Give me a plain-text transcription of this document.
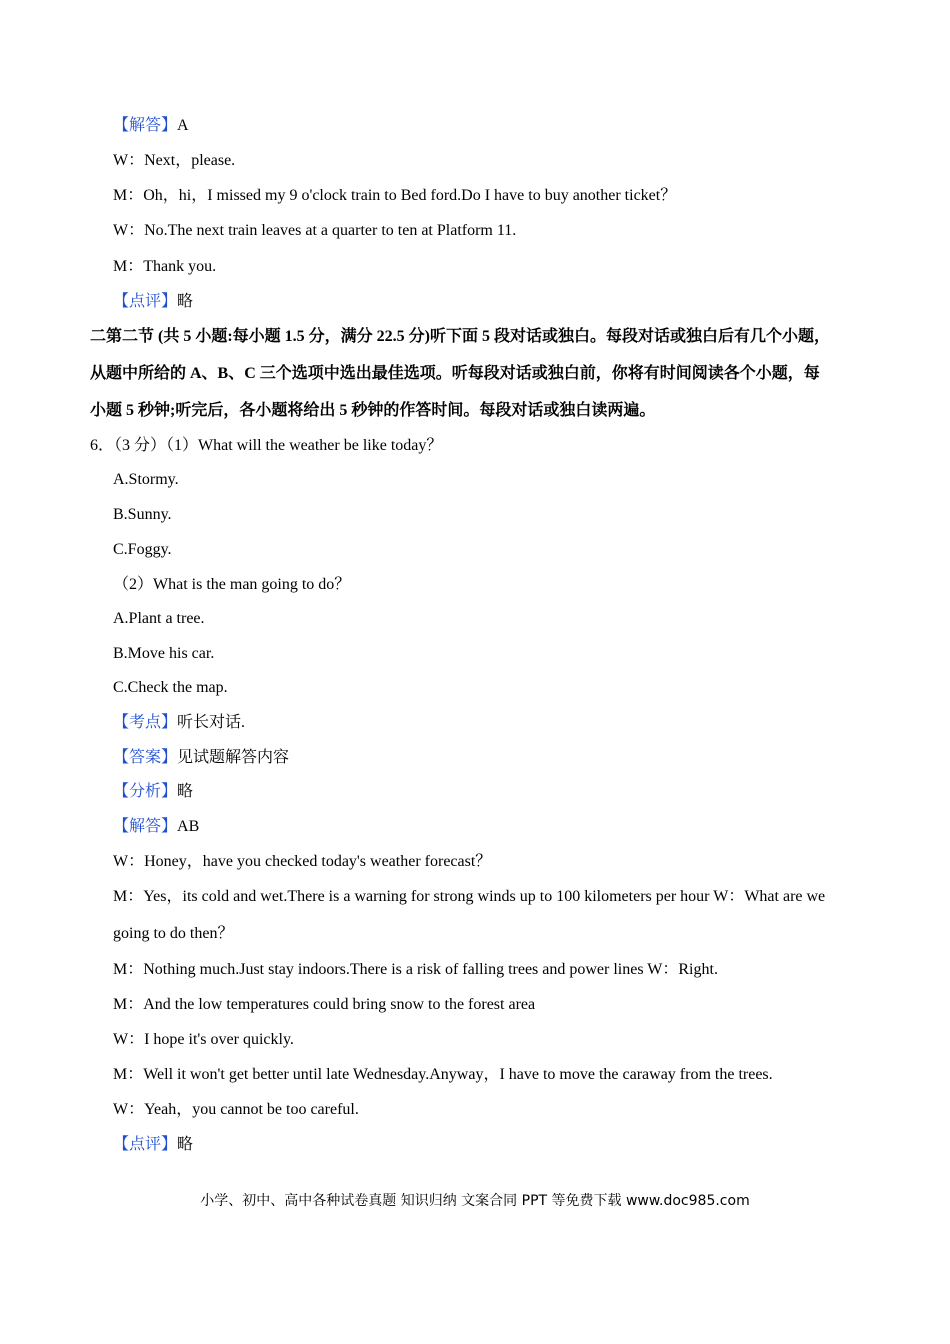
【解答】A
W：Next，please.
M：Oh，hi，I missed my 9 o'clock train to Bed ford.Do I have to buy another ticket？
W：No.The next train leaves at a quarter to ten at Platform 11.
M：Thank you.
【点评】略
二第二节 (共 5 小题:每小题 1.5 分，满分 22.5 分)听下面 5 段对话或独白。每段对话或独白后有几个小题，
从题中所给的 A、B、C 三个选项中选出最佳选项。听每段对话或独白前，你将有时间阅读各个小题，每
小题 5 秒钟;听完后，各小题将给出 5 秒钟的作答时间。每段对话或独白读两遍。
6．（3 分）（1）What will the weather be like today？
A.Stormy.
B.Sunny.
C.Foggy.
（2）What is the man going to do？
A.Plant a tree.
B.Move his car.
C.Check the map.
【考点】听长对话.
【答案】见试题解答内容
【分析】略
【解答】AB
W：Honey，have you checked today's weather forecast？
M：Yes，its cold and wet.There is a warning for strong winds up to 100 kilometers per hour W：What are we
going to do then？
M：Nothing much.Just stay indoors.There is a risk of falling trees and power lines W：Right.
M：And the low temperatures could bring snow to the forest area
W：I hope it's over quickly.
M：Well it won't get better until late Wednesday.Anyway，I have to move the caraway from the trees.
W：Yeah，you cannot be too careful.
【点评】略
小学、初中、高中各种试卷真题 知识归纳 文案合同 PPT 等免费下载 www.doc985.com
